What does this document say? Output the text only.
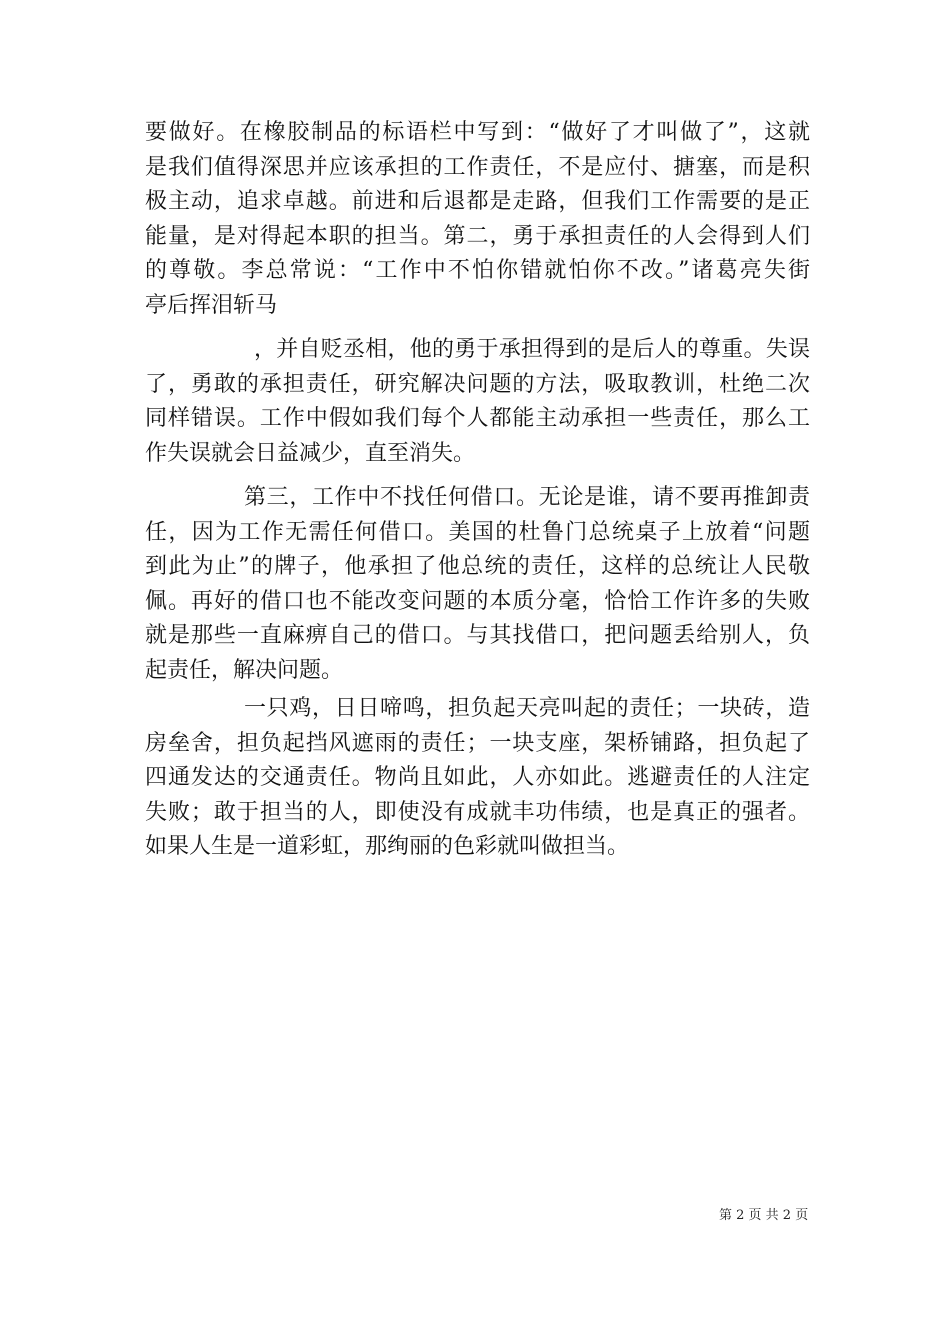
要做好。在橡胶制品的标语栏中写到：“做好了才叫做了”，这就
是我们值得深思并应该承担的工作责任，不是应付、搪塞，而是积
极主动，追求卓越。前进和后退都是走路，但我们工作需要的是正
能量，是对得起本职的担当。第二，勇于承担责任的人会得到人们
的尊敬。李总常说：“工作中不怕你错就怕你不改。”诸葛亮失街
亭后挥泪斩马
，并自贬丞相，他的勇于承担得到的是后人的尊重。失误
了，勇敢的承担责任，研究解决问题的方法，吸取教训，杜绝二次
同样错误。工作中假如我们每个人都能主动承担一些责任，那么工
作失误就会日益减少，直至消失。
第三，工作中不找任何借口。无论是谁，请不要再推卸责
任，因为工作无需任何借口。美国的杜鲁门总统桌子上放着“问题
到此为止”的牌子，他承担了他总统的责任，这样的总统让人民敬
佩。再好的借口也不能改变问题的本质分毫，恰恰工作许多的失败
就是那些一直麻痹自己的借口。与其找借口，把问题丢给别人，负
起责任，解决问题。
一只鸡，日日啼鸣，担负起天亮叫起的责任；一块砖，造
房垒舍，担负起挡风遮雨的责任；一块支座，架桥铺路，担负起了
四通发达的交通责任。物尚且如此，人亦如此。逃避责任的人注定
失败；敢于担当的人，即使没有成就丰功伟绩，也是真正的强者。
如果人生是一道彩虹，那绚丽的色彩就叫做担当。
第 2 页 共 2 页
